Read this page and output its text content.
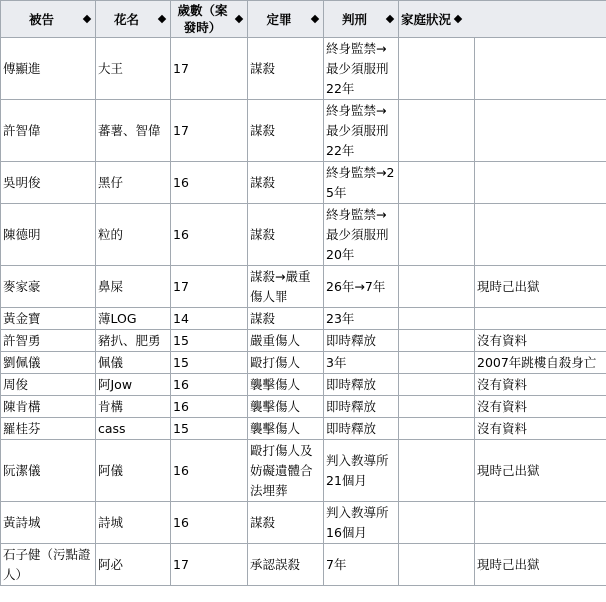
被告	花名	歲數（案發時）	定罪	判刑	家庭狀況	

傅顯進	大王	17	謀殺	終身監禁→最少須服刑22年		
許智偉	蕃薯、智偉	17	謀殺	終身監禁→最少須服刑22年		
吳明俊	黑仔	16	謀殺	終身監禁→25年		
陳德明	粒的	16	謀殺	終身監禁→最少須服刑20年		
麥家豪	鼻屎	17	謀殺→嚴重傷人罪	26年→7年		現時己出獄
黃金寶	薄LOG	14	謀殺	23年		
許智勇	豬扒、肥勇	15	嚴重傷人	即時釋放		沒有資料
劉佩儀	佩儀	15	毆打傷人	3年		2007年跳樓自殺身亡
周俊	阿Jow	16	襲擊傷人	即時釋放		沒有資料
陳肯構	肯構	16	襲擊傷人	即時釋放		沒有資料
羅桂芬	cass	15	襲擊傷人	即時釋放		沒有資料
阮潔儀	阿儀	16	毆打傷人及妨礙遺體合法埋葬	判入教導所21個月		現時己出獄
黃詩城	詩城	16	謀殺	判入教導所16個月		
石子健（污點證人）	阿必	17	承認誤殺	7年		現時己出獄
